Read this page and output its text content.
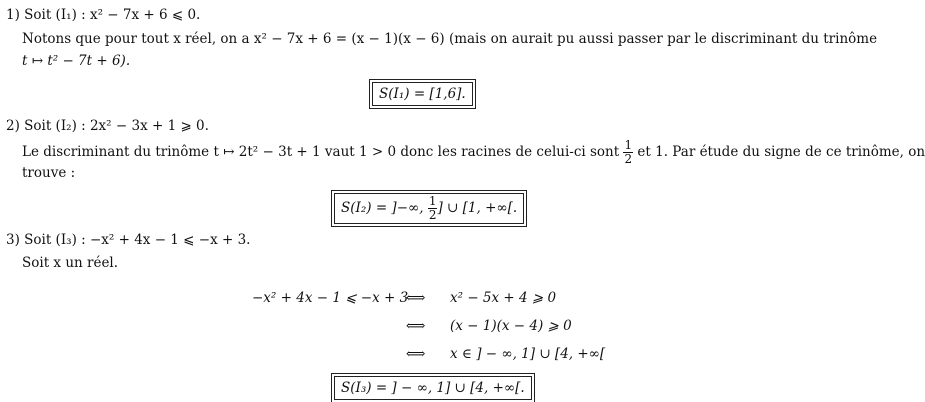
1) Soit (I₁) : x² − 7x + 6 ⩽ 0.
Notons que pour tout x réel, on a x² − 7x + 6 = (x − 1)(x − 6) (mais on aurait pu aussi passer par le discriminant du trinôme
t ↦ t² − 7t + 6).
S(I₁) = [1,6].
2) Soit (I₂) : 2x² − 3x + 1 ⩾ 0.
Le discriminant du trinôme t ↦ 2t² − 3t + 1 vaut 1 > 0 donc les racines de celui-ci sont $\frac{1}{2}$ et 1. Par étude du signe de ce trinôme, on
trouve :
S(I₂) = ]−∞, $\frac{1}{2}$ ] ∪ [1, +∞[.
3) Soit (I₃) : −x² + 4x − 1 ⩽ −x + 3.
Soit x un réel.
−x² + 4x − 1 ⩽ −x + 3
⟺ x² − 5x + 4 ⩾ 0
⟺ (x − 1)(x − 4) ⩾ 0
⟺ x ∈ ] − ∞, 1] ∪ [4, +∞[
S(I₃) = ] − ∞, 1] ∪ [4, +∞[.
